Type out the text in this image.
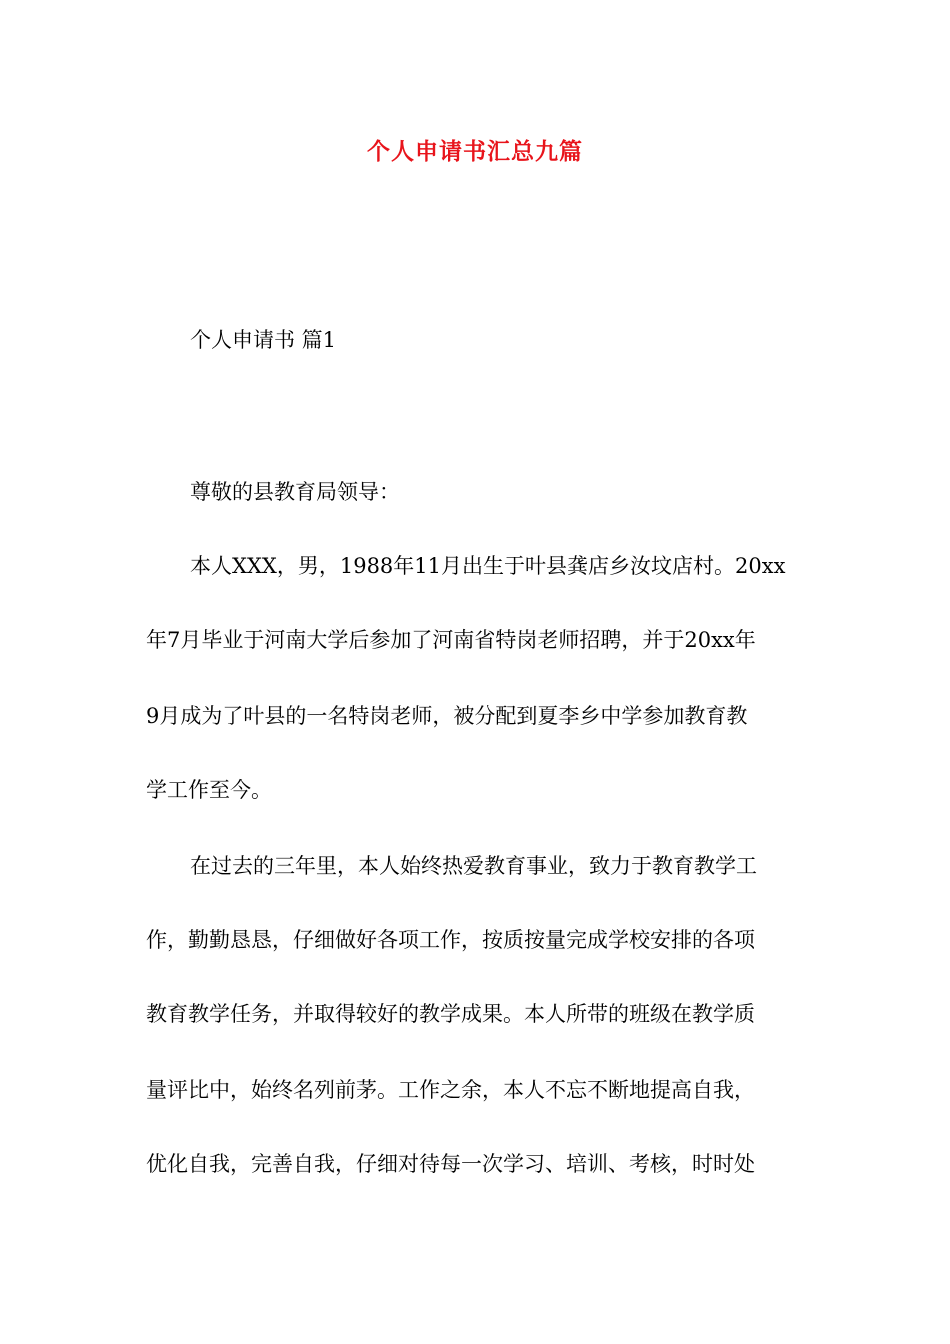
个人申请书汇总九篇
个人申请书 篇1
尊敬的县教育局领导：
本人XXX，男，1988年11月出生于叶县龚店乡汝坟店村。20xx
年7月毕业于河南大学后参加了河南省特岗老师招聘，并于20xx年
9月成为了叶县的一名特岗老师，被分配到夏李乡中学参加教育教
学工作至今。
在过去的三年里，本人始终热爱教育事业，致力于教育教学工
作，勤勤恳恳，仔细做好各项工作，按质按量完成学校安排的各项
教育教学任务，并取得较好的教学成果。本人所带的班级在教学质
量评比中，始终名列前茅。工作之余，本人不忘不断地提高自我，
优化自我，完善自我，仔细对待每一次学习、培训、考核，时时处
